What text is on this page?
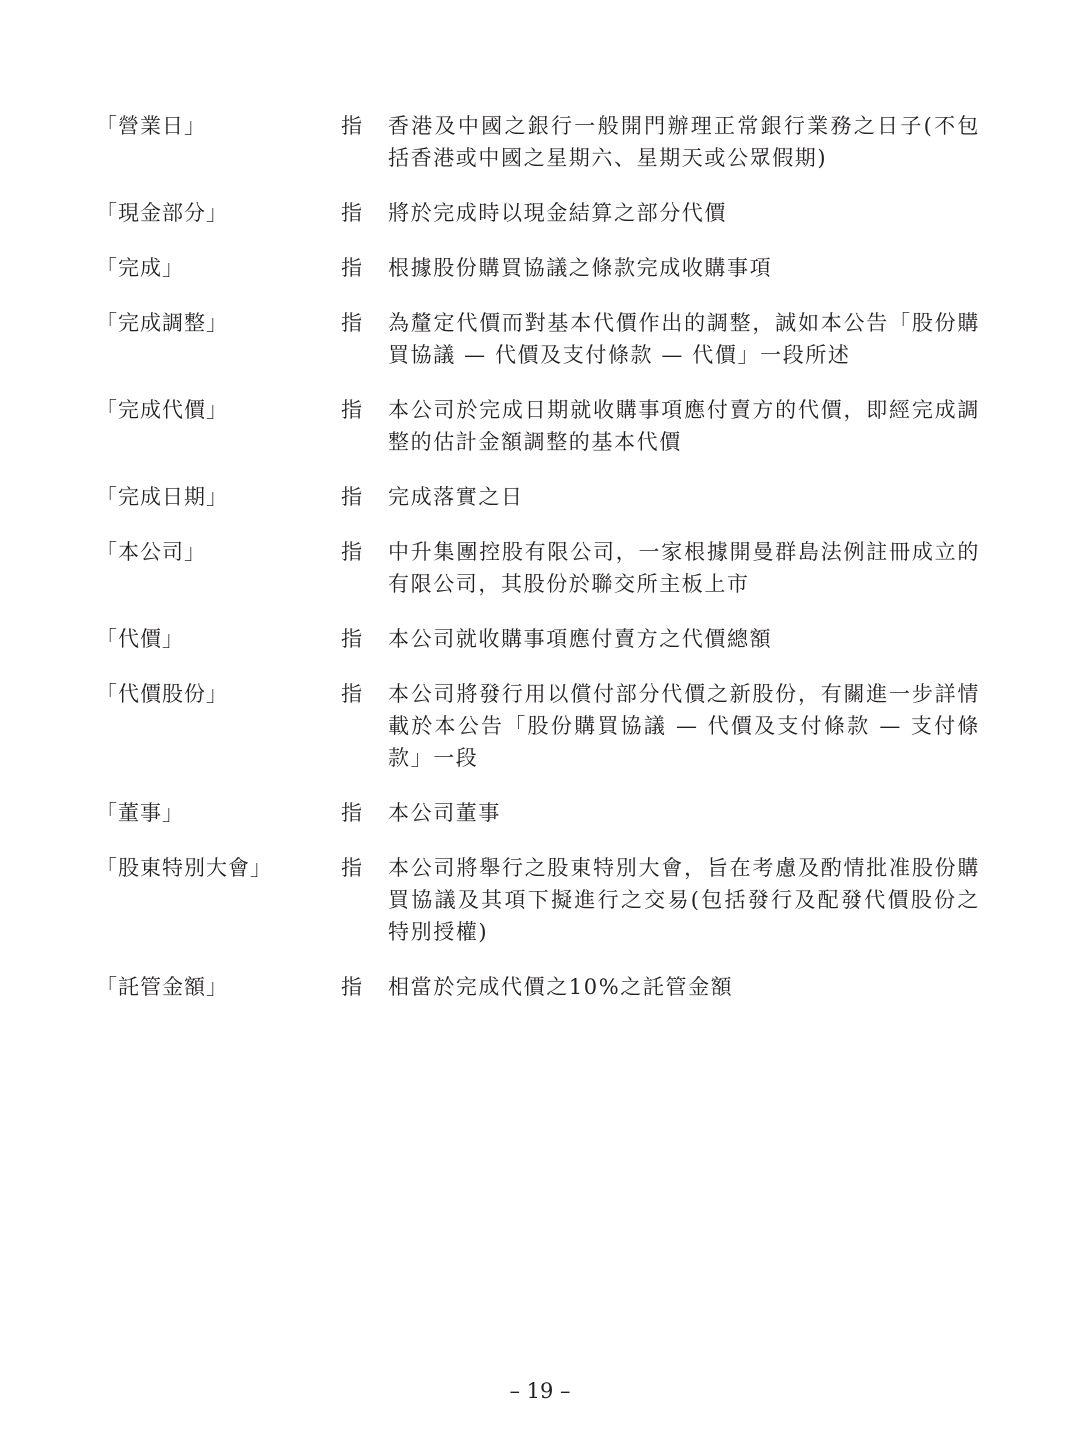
「營業日」	指	香港及中國之銀行一般開門辦理正常銀行業務之日子(不包括香港或中國之星期六、星期天或公眾假期)
「現金部分」	指	將於完成時以現金結算之部分代價
「完成」	指	根據股份購買協議之條款完成收購事項
「完成調整」	指	為釐定代價而對基本代價作出的調整，誠如本公告「股份購買協議 — 代價及支付條款 — 代價」一段所述
「完成代價」	指	本公司於完成日期就收購事項應付賣方的代價，即經完成調整的估計金額調整的基本代價
「完成日期」	指	完成落實之日
「本公司」	指	中升集團控股有限公司，一家根據開曼群島法例註冊成立的有限公司，其股份於聯交所主板上市
「代價」	指	本公司就收購事項應付賣方之代價總額
「代價股份」	指	本公司將發行用以償付部分代價之新股份，有關進一步詳情載於本公告「股份購買協議 — 代價及支付條款 — 支付條款」一段
「董事」	指	本公司董事
「股東特別大會」	指	本公司將舉行之股東特別大會，旨在考慮及酌情批准股份購買協議及其項下擬進行之交易(包括發行及配發代價股份之特別授權)
「託管金額」	指	相當於完成代價之10%之託管金額
– 19 –
